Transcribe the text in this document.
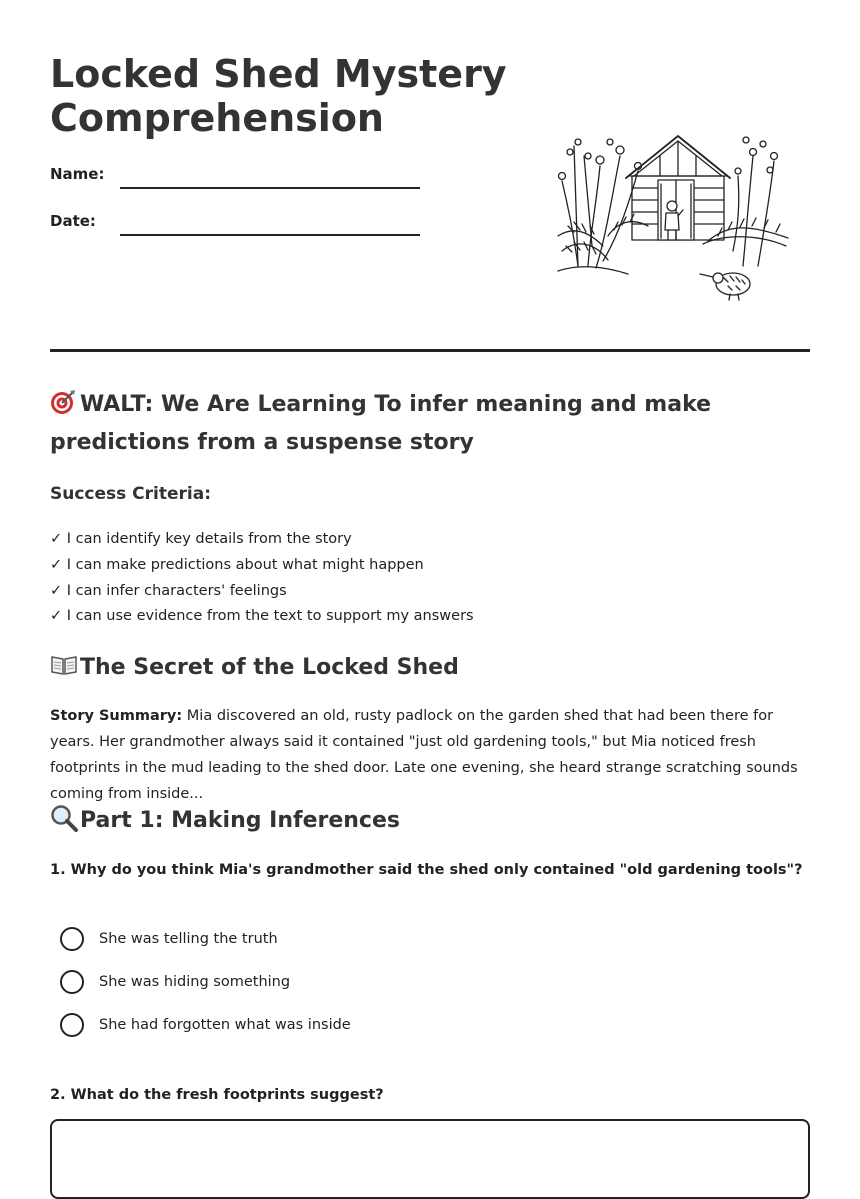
Locked Shed Mystery
Comprehension
Name:
Date:
WALT: We Are Learning To infer meaning and make predictions from a suspense story
Success Criteria:
✓ I can identify key details from the story
✓ I can make predictions about what might happen
✓ I can infer characters' feelings
✓ I can use evidence from the text to support my answers
The Secret of the Locked Shed

Story Summary: Mia discovered an old, rusty padlock on the garden shed that had been there for years. Her grandmother always said it contained "just old gardening tools," but Mia noticed fresh footprints in the mud leading to the shed door. Late one evening, she heard strange scratching sounds coming from inside...

Part 1: Making Inferences

1. Why do you think Mia's grandmother said the shed only contained "old gardening tools"?

She was telling the truth
She was hiding something
She had forgotten what was inside

2. What do the fresh footprints suggest?
